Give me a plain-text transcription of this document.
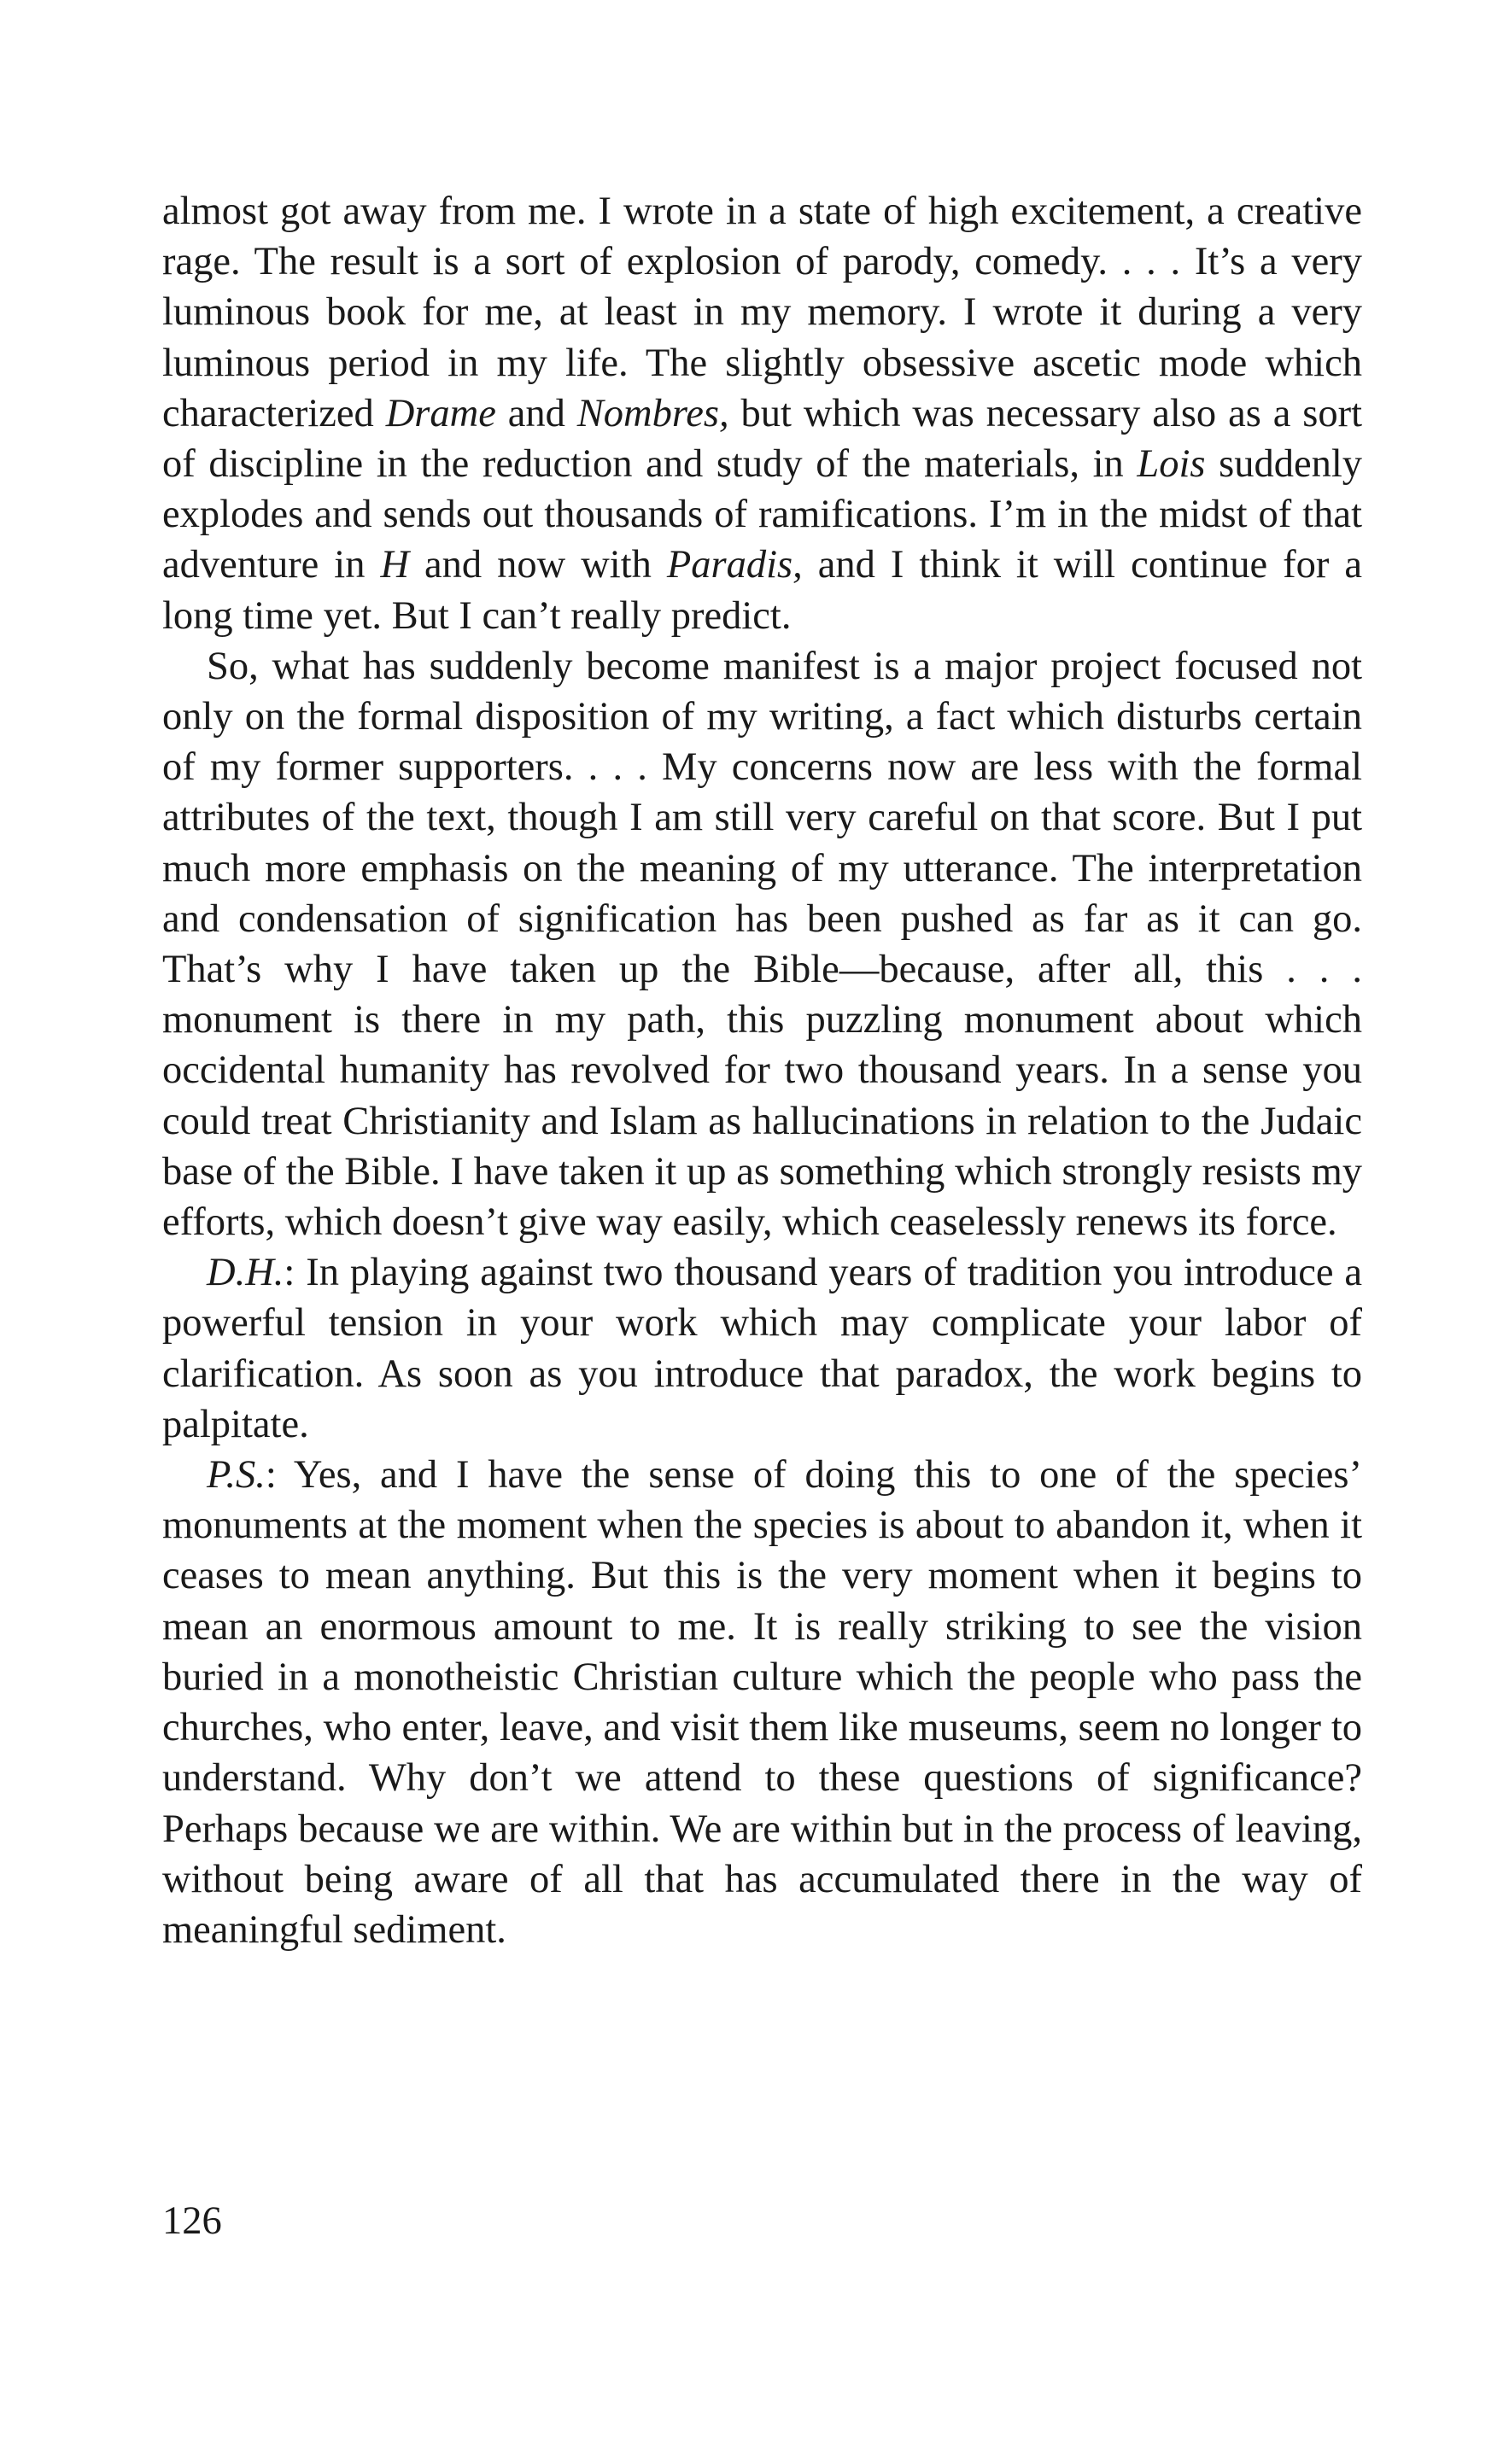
almost got away from me. I wrote in a state of high excitement, a creative rage. The result is a sort of explosion of parody, comedy. . . . It’s a very luminous book for me, at least in my memory. I wrote it during a very luminous period in my life. The slightly obsessive ascetic mode which characterized Drame and Nombres, but which was necessary also as a sort of discipline in the reduction and study of the materials, in Lois suddenly explodes and sends out thousands of ramifications. I’m in the midst of that adventure in H and now with Paradis, and I think it will continue for a long time yet. But I can’t really predict.

So, what has suddenly become manifest is a major project focused not only on the formal disposition of my writing, a fact which disturbs certain of my former supporters. . . . My concerns now are less with the formal attributes of the text, though I am still very careful on that score. But I put much more emphasis on the meaning of my utterance. The interpretation and condensation of signification has been pushed as far as it can go. That’s why I have taken up the Bible—because, after all, this . . . monument is there in my path, this puzzling monument about which occidental humanity has revolved for two thousand years. In a sense you could treat Christianity and Islam as hallucinations in relation to the Judaic base of the Bible. I have taken it up as something which strongly resists my efforts, which doesn’t give way easily, which ceaselessly renews its force.

D.H.: In playing against two thousand years of tradition you introduce a powerful tension in your work which may complicate your labor of clarification. As soon as you introduce that paradox, the work begins to palpitate.

P.S.: Yes, and I have the sense of doing this to one of the species’ monuments at the moment when the species is about to abandon it, when it ceases to mean anything. But this is the very moment when it begins to mean an enormous amount to me. It is really striking to see the vision buried in a monotheistic Christian culture which the people who pass the churches, who enter, leave, and visit them like museums, seem no longer to understand. Why don’t we attend to these questions of significance? Perhaps because we are within. We are within but in the process of leaving, without being aware of all that has accumulated there in the way of meaningful sediment.

126
